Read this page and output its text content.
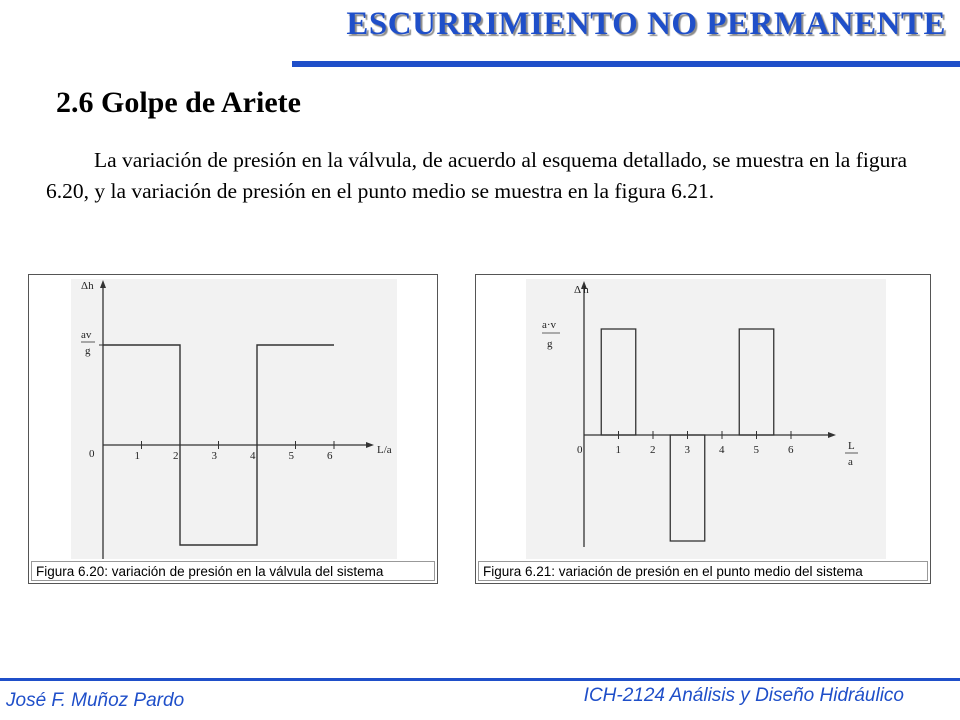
ESCURRIMIENTO NO PERMANENTE
2.6 Golpe de Ariete

La variación de presión en la válvula, de acuerdo al esquema detallado, se muestra en la figura 6.20, y la variación de presión en el punto medio se muestra en la figura 6.21.

Δh
av
g
0	L/a
1	2	3	4	5	6
Figura 6.20: variación de presión en la válvula del sistema
Δ h
a·v
g
0	L
a
1	2	3	4	5	6
Figura 6.21: variación de presión en el punto medio del sistema
José F. Muñoz Pardo	ICH-2124 Análisis y Diseño Hidráulico
